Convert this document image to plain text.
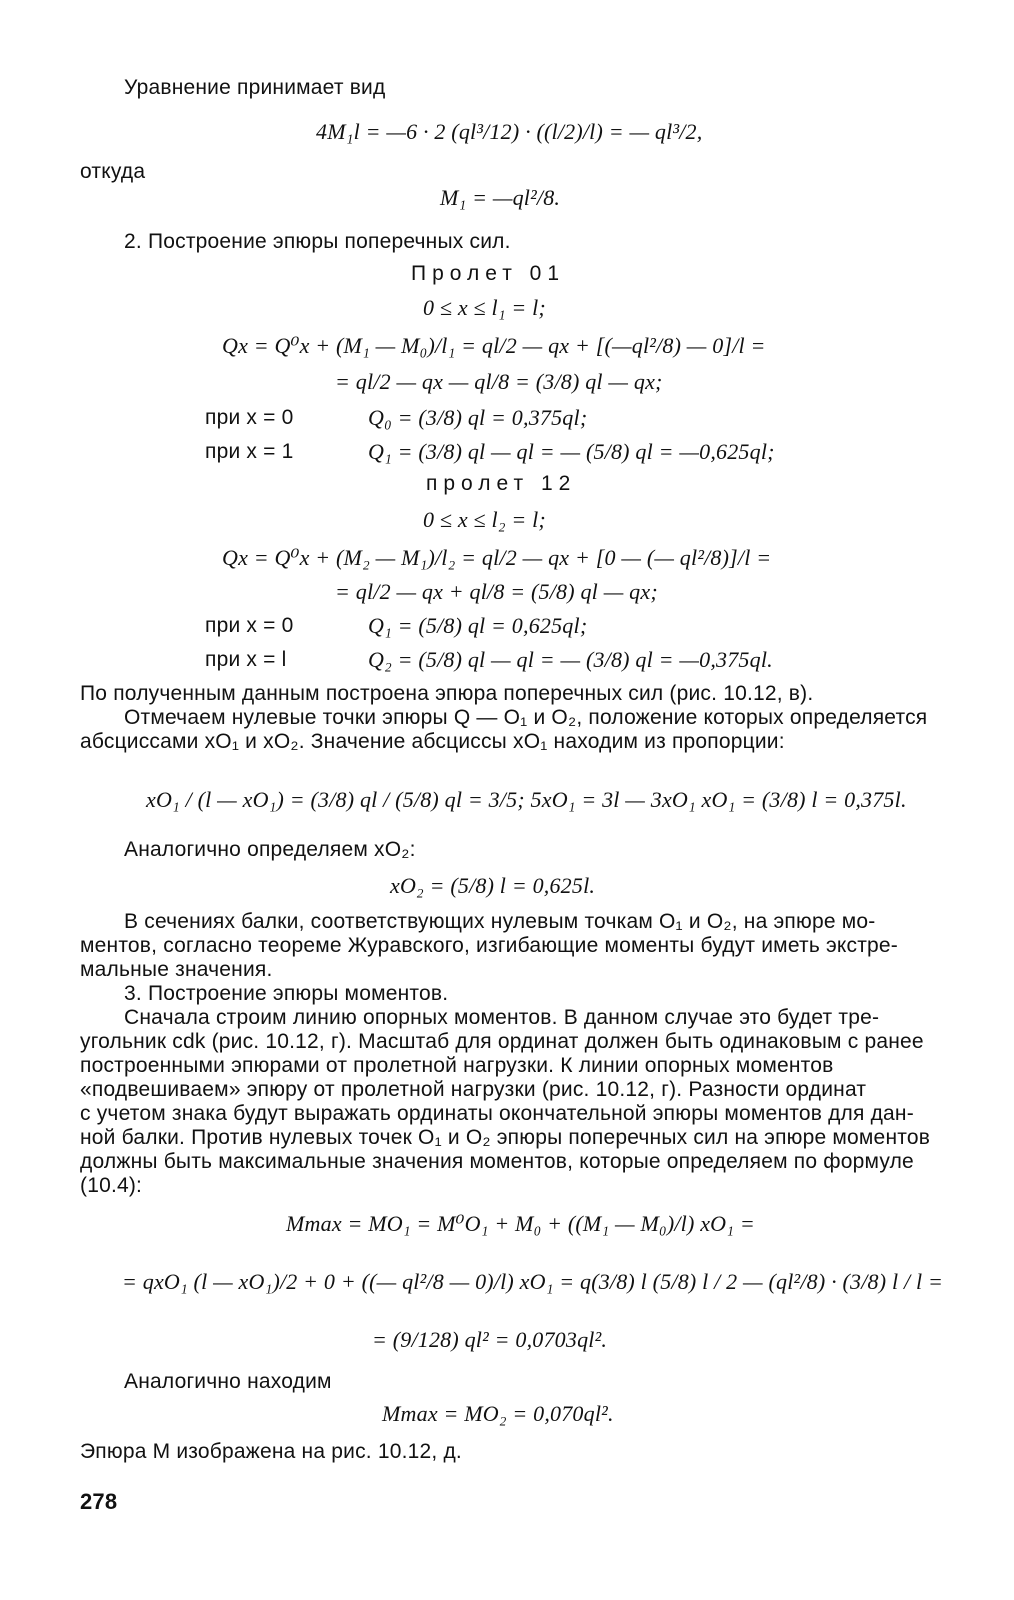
Уравнение принимает вид
4M₁l = —6 · 2 (ql³/12) · ((l/2)/l) = — ql³/2,
откуда
M₁ = —ql²/8.
2. Построение эпюры поперечных сил.
Пролет 01
0 ≤ x ≤ l₁ = l;
Qx = Q⁰x + (M₁ — M₀)/l₁ = ql/2 — qx + [(—ql²/8) — 0]/l =
= ql/2 — qx — ql/8 = (3/8) ql — qx;
при x = 0	Q₀ = (3/8) ql = 0,375ql;
при x = 1	Q₁ = (3/8) ql — ql = — (5/8) ql = —0,625ql;
пролет 12
0 ≤ x ≤ l₂ = l;
Qx = Q⁰x + (M₂ — M₁)/l₂ = ql/2 — qx + [0 — (— ql²/8)]/l =
= ql/2 — qx + ql/8 = (5/8) ql — qx;
при x = 0	Q₁ = (5/8) ql = 0,625ql;
при x = l	Q₂ = (5/8) ql — ql = — (3/8) ql = —0,375ql.
По полученным данным построена эпюра поперечных сил (рис. 10.12, в).
Отмечаем нулевые точки эпюры Q — O₁ и O₂, положение которых определяется
абсциссами xO₁ и xO₂. Значение абсциссы xO₁ находим из пропорции:
xO₁ / (l — xO₁) = (3/8) ql / (5/8) ql = 3/5; 5xO₁ = 3l — 3xO₁ xO₁ = (3/8) l = 0,375l.
Аналогично определяем xO₂:
xO₂ = (5/8) l = 0,625l.
В сечениях балки, соответствующих нулевым точкам O₁ и O₂, на эпюре мо-
ментов, согласно теореме Журавского, изгибающие моменты будут иметь экстре-
мальные значения.
3. Построение эпюры моментов.
Сначала строим линию опорных моментов. В данном случае это будет тре-
угольник cdk (рис. 10.12, г). Масштаб для ординат должен быть одинаковым с ранее
построенными эпюрами от пролетной нагрузки. К линии опорных моментов
«подвешиваем» эпюру от пролетной нагрузки (рис. 10.12, г). Разности ординат
с учетом знака будут выражать ординаты окончательной эпюры моментов для дан-
ной балки. Против нулевых точек O₁ и O₂ эпюры поперечных сил на эпюре моментов
должны быть максимальные значения моментов, которые определяем по формуле
(10.4):
Mmax = MO₁ = M⁰O₁ + M₀ + ((M₁ — M₀)/l) xO₁ =
= qxO₁ (l — xO₁)/2 + 0 + ((— ql²/8 — 0)/l) xO₁ = q(3/8) l (5/8) l / 2 — (ql²/8) · (3/8) l / l =
= (9/128) ql² = 0,0703ql².
Аналогично находим
Mmax = MO₂ = 0,070ql².
Эпюра M изображена на рис. 10.12, д.
278
